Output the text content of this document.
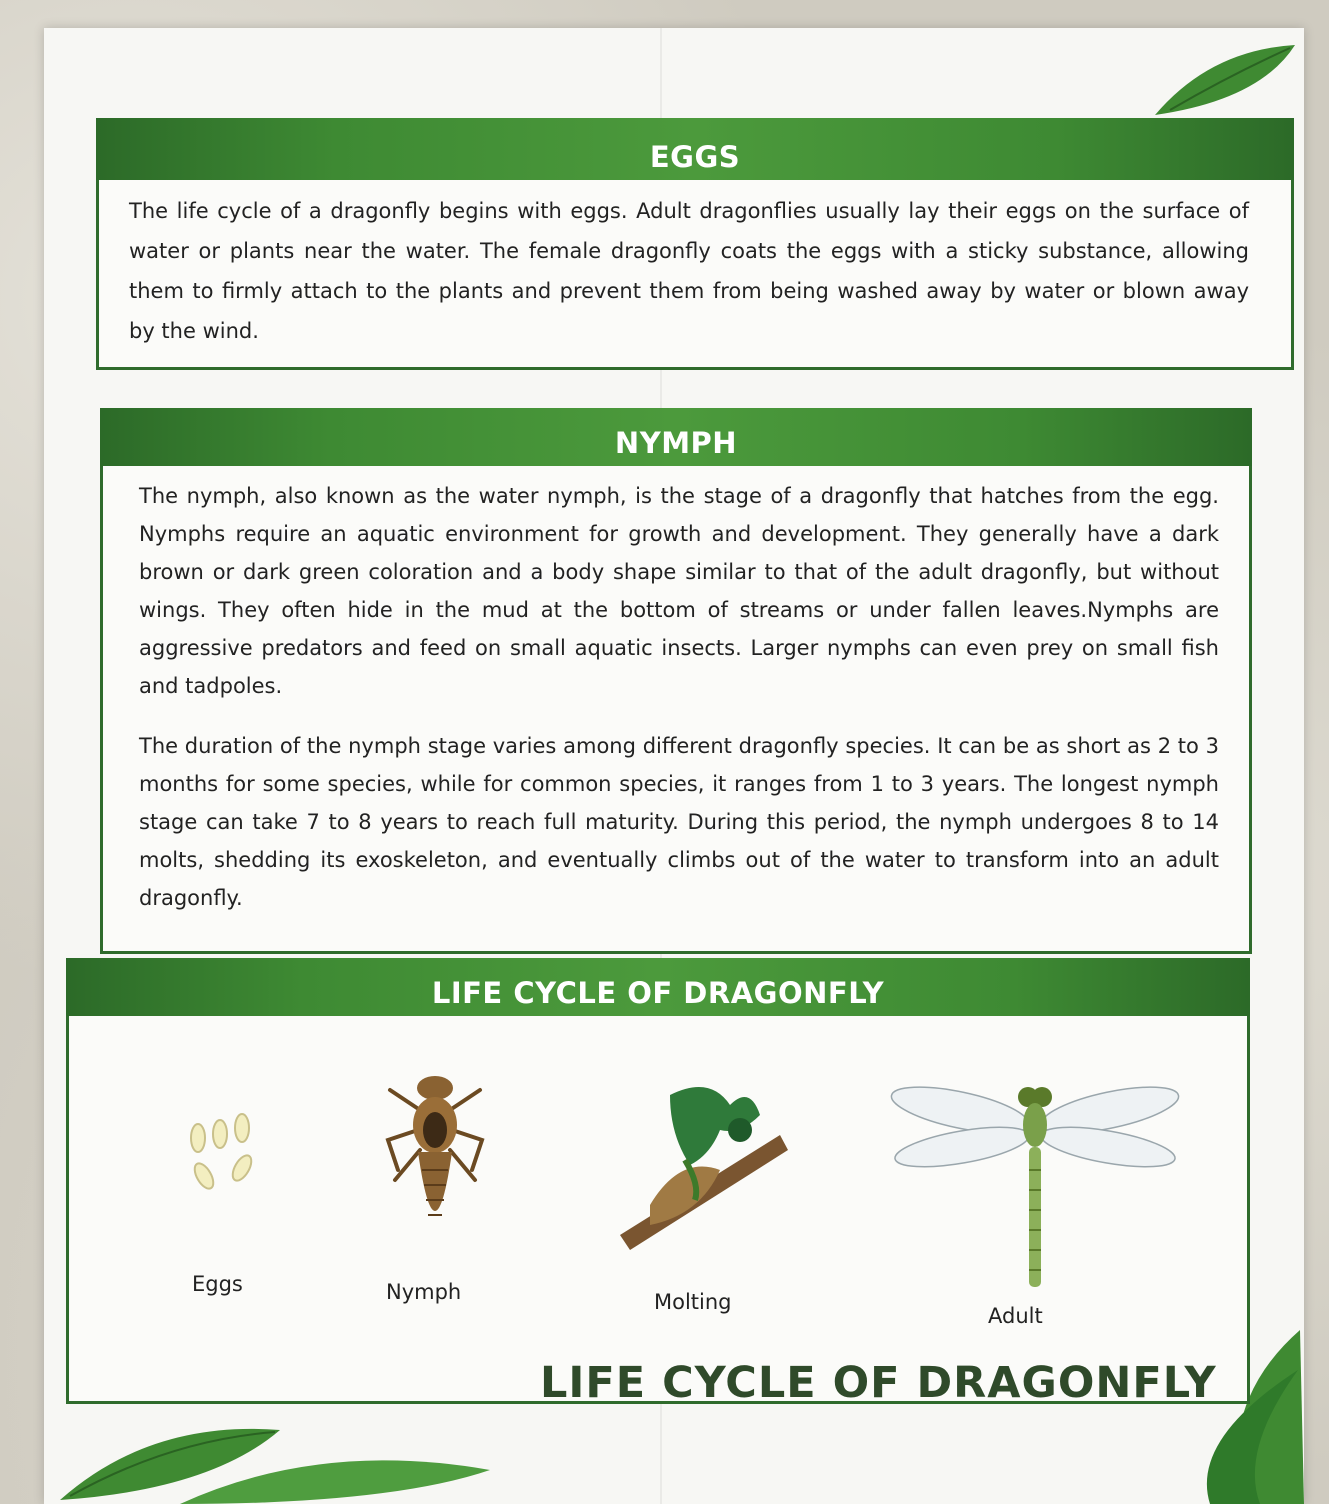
EGGS
The life cycle of a dragonfly begins with eggs. Adult dragonflies usually lay their eggs on the surface of water or plants near the water. The female dragonfly coats the eggs with a sticky substance, allowing them to firmly attach to the plants and prevent them from being washed away by water or blown away by the wind.
NYMPH
The nymph, also known as the water nymph, is the stage of a dragonfly that hatches from the egg. Nymphs require an aquatic environment for growth and development. They generally have a dark brown or dark green coloration and a body shape similar to that of the adult dragonfly, but without wings. They often hide in the mud at the bottom of streams or under fallen leaves.Nymphs are aggressive predators and feed on small aquatic insects. Larger nymphs can even prey on small fish and tadpoles.
The duration of the nymph stage varies among different dragonfly species. It can be as short as 2 to 3 months for some species, while for common species, it ranges from 1 to 3 years. The longest nymph stage can take 7 to 8 years to reach full maturity. During this period, the nymph undergoes 8 to 14 molts, shedding its exoskeleton, and eventually climbs out of the water to transform into an adult dragonfly.
LIFE CYCLE OF DRAGONFLY
Eggs	Nymph	Molting
Adult
LIFE CYCLE OF DRAGONFLY
